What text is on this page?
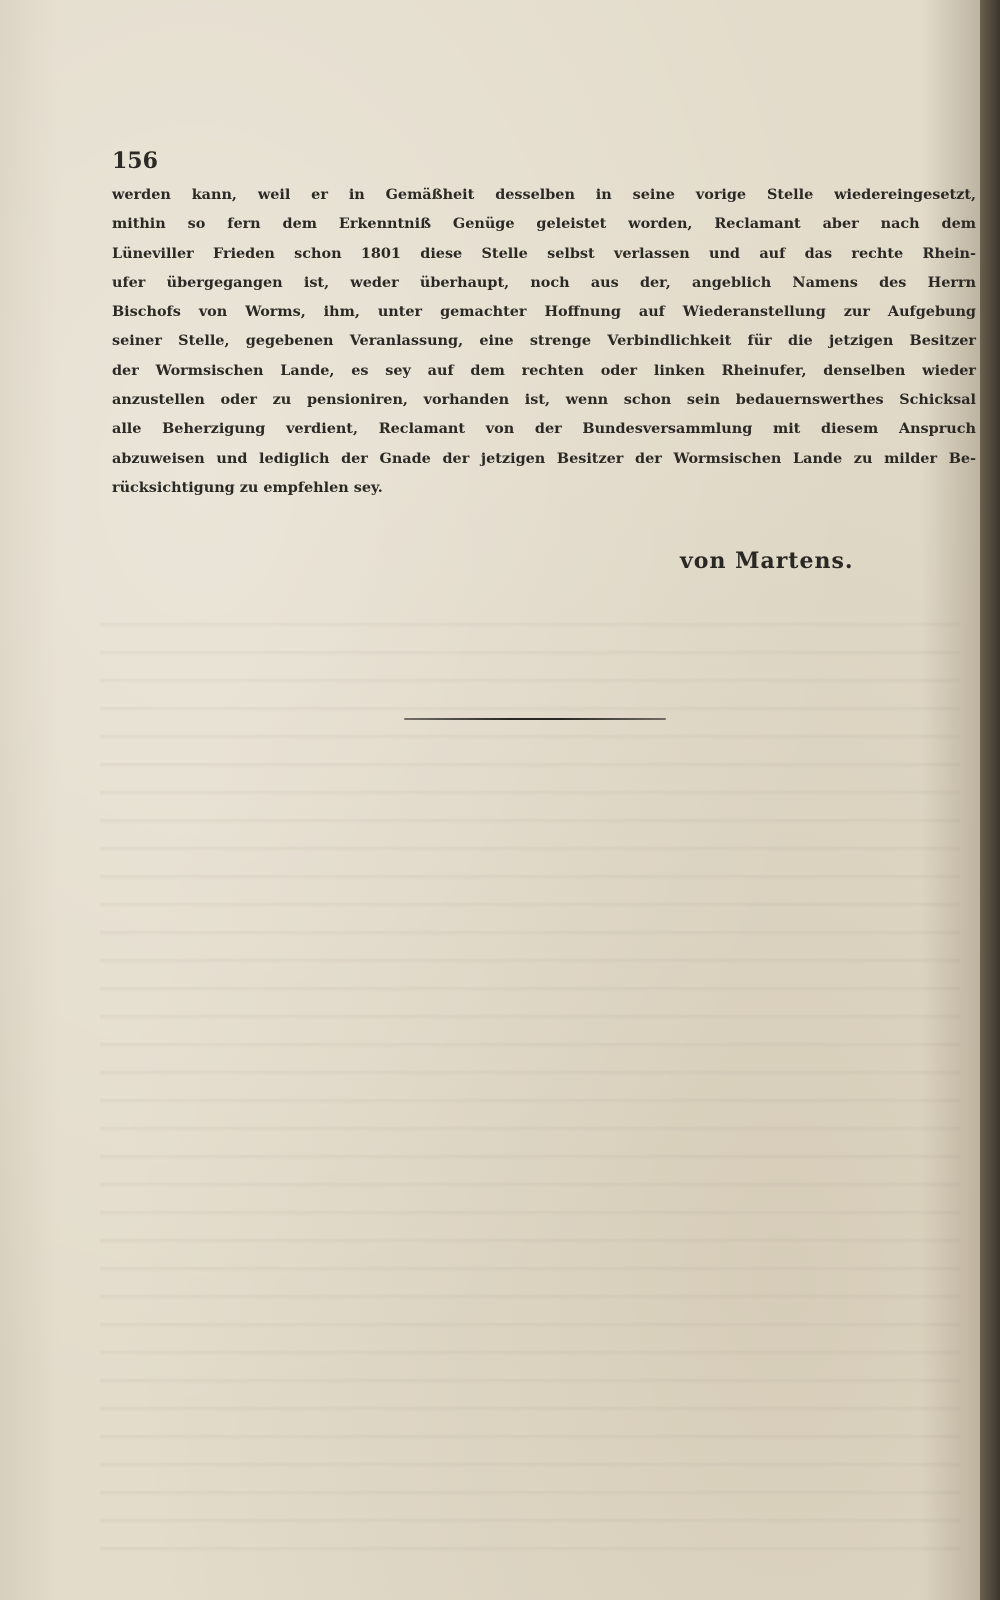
156

werden kann, weil er in Gemäßheit desselben in seine vorige Stelle wiedereingesetzt,
mithin so fern dem Erkenntniß Genüge geleistet worden, Reclamant aber nach dem
Lüneviller Frieden schon 1801 diese Stelle selbst verlassen und auf das rechte Rhein-
ufer übergegangen ist, weder überhaupt, noch aus der, angeblich Namens des Herrn
Bischofs von Worms, ihm, unter gemachter Hoffnung auf Wiederanstellung zur Aufgebung
seiner Stelle, gegebenen Veranlassung, eine strenge Verbindlichkeit für die jetzigen Besitzer
der Wormsischen Lande, es sey auf dem rechten oder linken Rheinufer, denselben wieder
anzustellen oder zu pensioniren, vorhanden ist, wenn schon sein bedauernswerthes Schicksal
alle Beherzigung verdient, Reclamant von der Bundesversammlung mit diesem Anspruch
abzuweisen und lediglich der Gnade der jetzigen Besitzer der Wormsischen Lande zu milder Be-
rücksichtigung zu empfehlen sey.

von Martens.
